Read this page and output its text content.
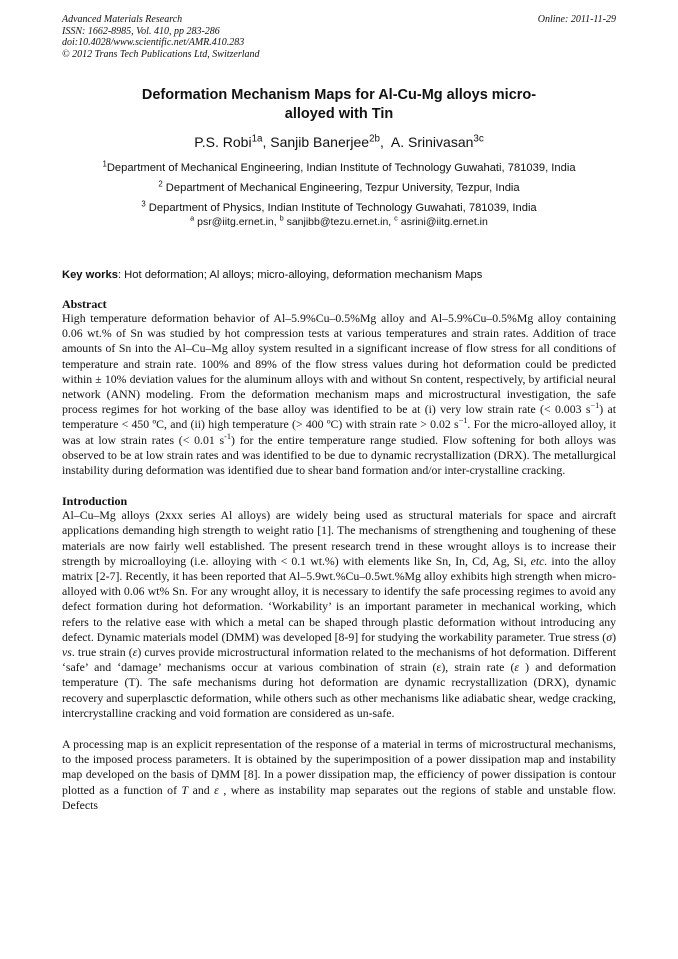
Advanced Materials Research
ISSN: 1662-8985, Vol. 410, pp 283-286
doi:10.4028/www.scientific.net/AMR.410.283
© 2012 Trans Tech Publications Ltd, Switzerland
Online: 2011-11-29
Deformation Mechanism Maps for Al-Cu-Mg alloys micro-
alloyed with Tin
P.S. Robi$^{1a}$, Sanjib Banerjee$^{2b}$,  A. Srinivasan$^{3c}$
$^1$Department of Mechanical Engineering, Indian Institute of Technology Guwahati, 781039, India
$^2$ Department of Mechanical Engineering, Tezpur University, Tezpur, India
$^3$ Department of Physics, Indian Institute of Technology Guwahati, 781039, India
$^a$ psr@iitg.ernet.in, $^b$ sanjibb@tezu.ernet.in, $^c$ asrini@iitg.ernet.in
Key works: Hot deformation; Al alloys; micro-alloying, deformation mechanism Maps
Abstract

High temperature deformation behavior of Al–5.9%Cu–0.5%Mg alloy and Al–5.9%Cu–0.5%Mg alloy containing 0.06 wt.% of Sn was studied by hot compression tests at various temperatures and strain rates. Addition of trace amounts of Sn into the Al–Cu–Mg alloy system resulted in a significant increase of flow stress for all conditions of temperature and strain rate. 100% and 89% of the flow stress values during hot deformation could be predicted within ± 10% deviation values for the aluminum alloys with and without Sn content, respectively, by artificial neural network (ANN) modeling. From the deformation mechanism maps and microstructural investigation, the safe process regimes for hot working of the base alloy was identified to be at (i) very low strain rate (< 0.003 $s^{-1}$) at temperature < 450 ºC, and (ii) high temperature (> 400 ºC) with strain rate > 0.02 $s^{-1}$. For the micro-alloyed alloy, it was at low strain rates (< 0.01 $s^{-1}$) for the entire temperature range studied. Flow softening for both alloys was observed to be at low strain rates and was identified to be due to dynamic recrystallization (DRX). The metallurgical instability during deformation was identified due to shear band formation and/or inter-crystalline cracking.

Introduction

Al–Cu–Mg alloys (2xxx series Al alloys) are widely being used as structural materials for space and aircraft applications demanding high strength to weight ratio [1]. The mechanisms of strengthening and toughening of these materials are now fairly well established. The present research trend in these wrought alloys is to increase their strength by microalloying (i.e. alloying with < 0.1 wt.%) with elements like Sn, In, Cd, Ag, Si, etc. into the alloy matrix [2-7]. Recently, it has been reported that Al–5.9wt.%Cu–0.5wt.%Mg alloy exhibits high strength when micro-alloyed with 0.06 wt% Sn. For any wrought alloy, it is necessary to identify the safe processing regimes to avoid any defect formation during hot deformation. ‘Workability’ is an important parameter in mechanical working, which refers to the relative ease with which a metal can be shaped through plastic deformation without introducing any defect. Dynamic materials model (DMM) was developed [8-9] for studying the workability parameter. True stress (σ) vs. true strain (ε) curves provide microstructural information related to the mechanisms of hot deformation. Different ‘safe’ and ‘damage’ mechanisms occur at various combination of strain (ε), strain rate (˙ ε ) and deformation temperature (T). The safe mechanisms during hot deformation are dynamic recrystallization (DRX), dynamic recovery and superplasctic deformation, while others such as other mechanisms like adiabatic shear, wedge cracking, intercrystalline cracking and void formation are considered as un-safe.

A processing map is an explicit representation of the response of a material in terms of microstructural mechanisms, to the imposed process parameters. It is obtained by the superimposition of a power dissipation map and instability map developed on the basis of DMM [8]. In a power dissipation map, the efficiency of power dissipation is contour plotted as a function of T and ˙ ε , where as instability map separates out the regions of stable and unstable flow. Defects
